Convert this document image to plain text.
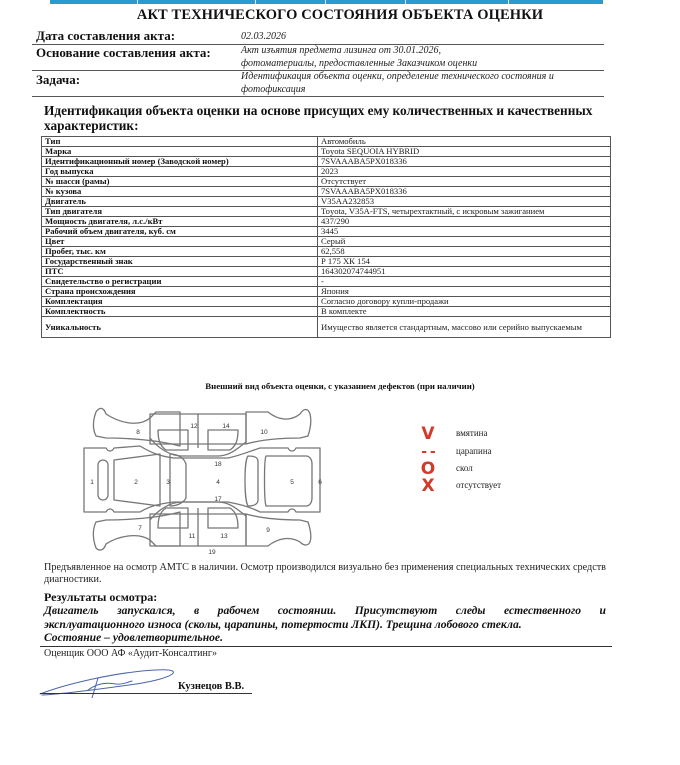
АКТ ТЕХНИЧЕСКОГО СОСТОЯНИЯ ОБЪЕКТА ОЦЕНКИ
Дата составления акта:	02.03.2026
Основание составления акта:	Акт изъятия предмета лизинга от 30.01.2026,
фотоматериалы, предоставленные Заказчиком оценки
Задача:	Идентификация объекта оценки, определение технического состояния и
фотофиксация
Идентификация объекта оценки на основе присущих ему количественных и качественных характеристик:
Тип	Автомобиль
Марка	Toyota SEQUOIA HYBRID
Идентификационный номер (Заводской номер)	7SVAAABA5PX018336
Год выпуска	2023
№ шасси (рамы)	Отсутствует
№ кузова	7SVAAABA5PX018336
Двигатель	V35AA232853
Тип двигателя	Toyota, V35A-FTS, четырехтактный, с искровым зажиганием
Мощность двигателя, л.с./кВт	437/290
Рабочий объем двигателя, куб. см	3445
Цвет	Серый
Пробег, тыс. км	62,558
Государственный знак	Р 175 ХК 154
ПТС	164302074744951
Свидетельство о регистрации	-
Страна происхождения	Япония
Комплектация	Согласно договору купли-продажи
Комплектность	В комплекте
Уникальность	Имущество является стандартным, массово или серийно выпускаемым
Внешний вид объекта оценки, с указанием дефектов (при наличии)
8
12	14
10
18
1	2	3	4	5	6
17
7	9
11	13
19
V вмятина
- - царапина
O скол
X отсутствует
Предъявленное на осмотр АМТС в наличии. Осмотр производился визуально без применения специальных технических средств диагностики.
Результаты осмотра:
Двигатель запускался, в рабочем состоянии. Присутствуют следы естественного и
эксплуатационного износа (сколы, царапины, потертости ЛКП). Трещина лобового стекла.
Состояние – удовлетворительное.
Оценщик ООО АФ «Аудит-Консалтинг»
Кузнецов В.В.
